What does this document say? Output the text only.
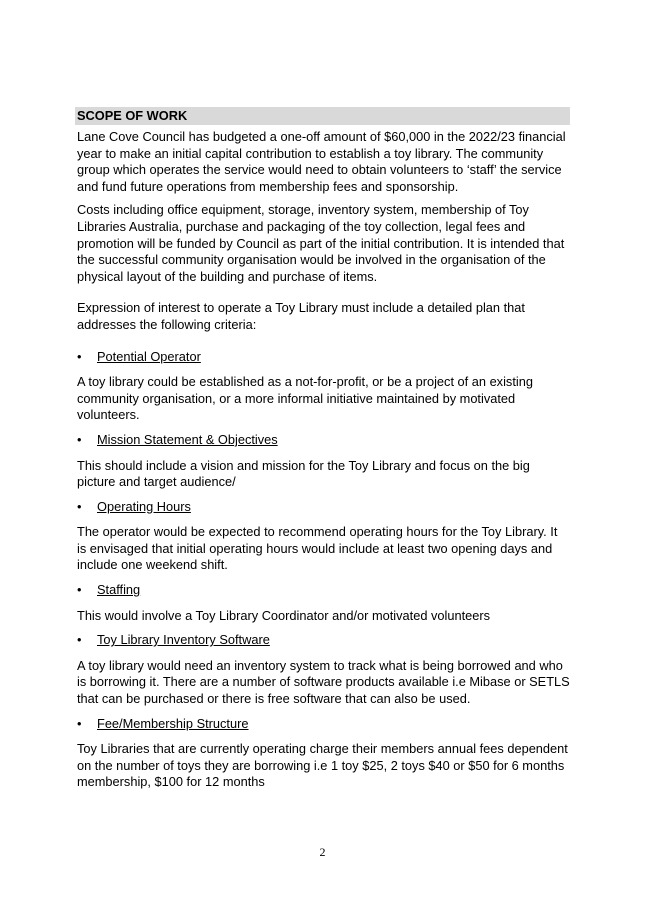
SCOPE OF WORK

Lane Cove Council has budgeted a one-off amount of $60,000 in the 2022/23 financial year to make an initial capital contribution to establish a toy library. The community group which operates the service would need to obtain volunteers to ‘staff’ the service and fund future operations from membership fees and sponsorship.

Costs including office equipment, storage, inventory system, membership of Toy Libraries Australia, purchase and packaging of the toy collection, legal fees and promotion will be funded by Council as part of the initial contribution. It is intended that the successful community organisation would be involved in the organisation of the physical layout of the building and purchase of items.

Expression of interest to operate a Toy Library must include a detailed plan that addresses the following criteria:

• Potential Operator

A toy library could be established as a not-for-profit, or be a project of an existing community organisation, or a more informal initiative maintained by motivated volunteers.

• Mission Statement & Objectives

This should include a vision and mission for the Toy Library and focus on the big picture and target audience/

• Operating Hours

The operator would be expected to recommend operating hours for the Toy Library. It is envisaged that initial operating hours would include at least two opening days and include one weekend shift.

• Staffing

This would involve a Toy Library Coordinator and/or motivated volunteers

• Toy Library Inventory Software

A toy library would need an inventory system to track what is being borrowed and who is borrowing it. There are a number of software products available i.e Mibase or SETLS that can be purchased or there is free software that can also be used.

• Fee/Membership Structure

Toy Libraries that are currently operating charge their members annual fees dependent on the number of toys they are borrowing i.e 1 toy $25, 2 toys $40 or $50 for 6 months membership, $100 for 12 months

2
